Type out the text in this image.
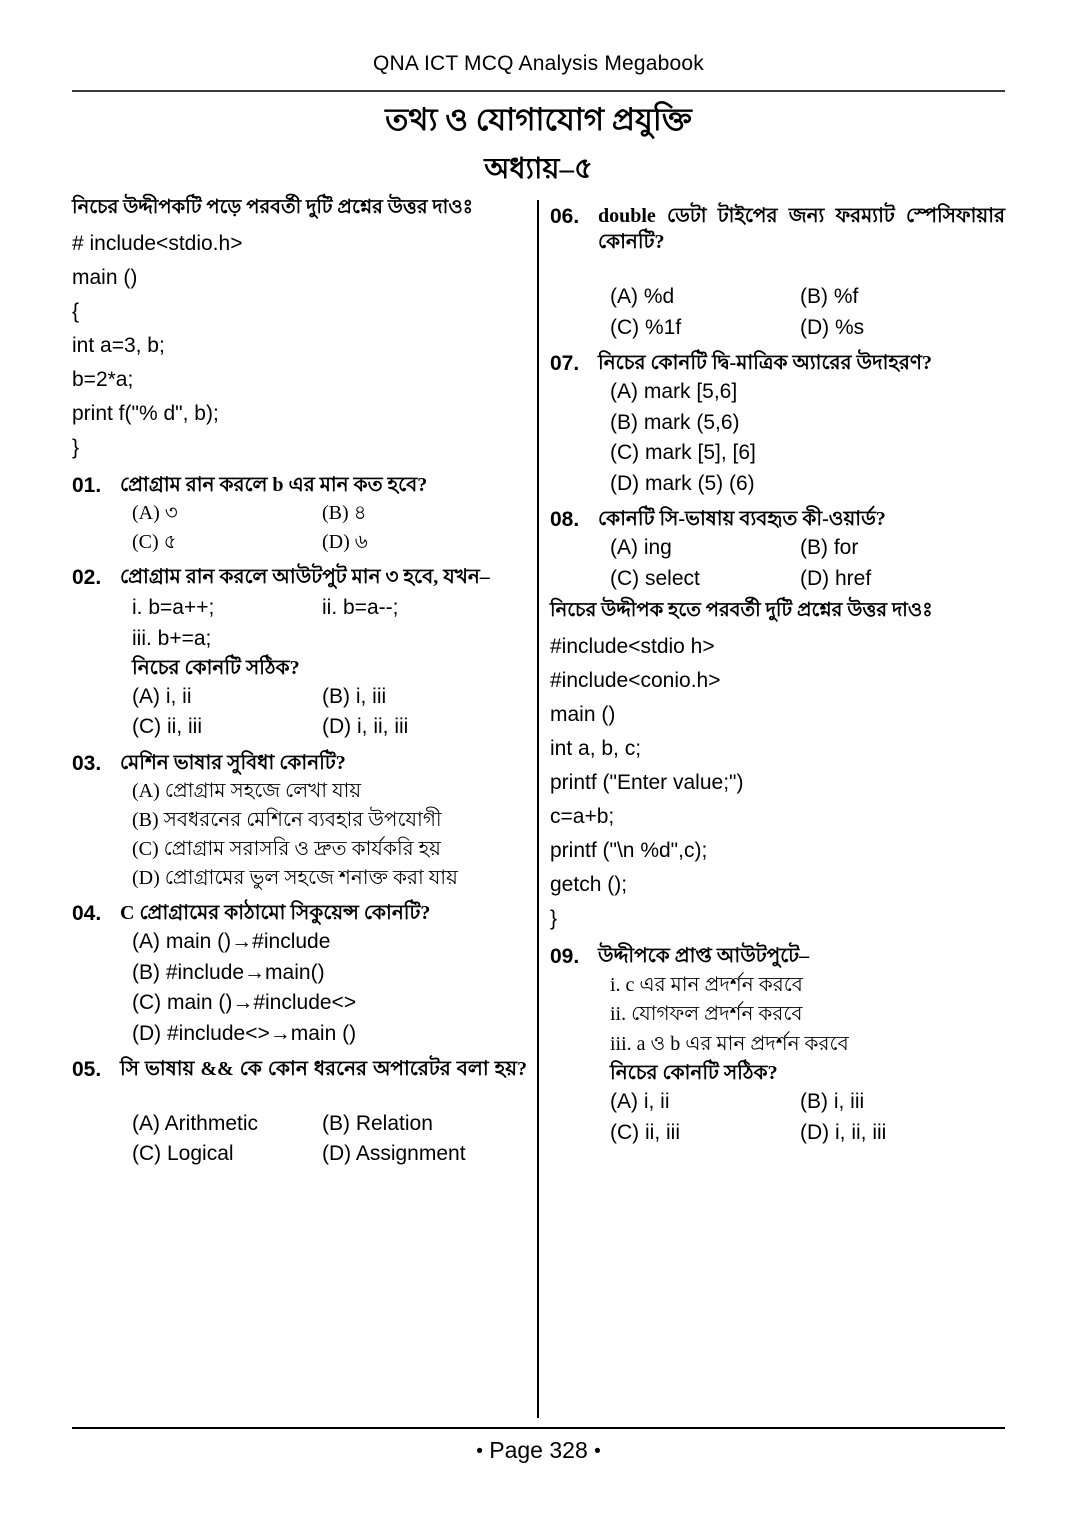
QNA ICT MCQ Analysis Megabook
তথ্য ও যোগাযোগ প্রযুক্তি
অধ্যায়–৫
নিচের উদ্দীপকটি পড়ে পরবর্তী দুটি প্রশ্নের উত্তর দাওঃ
# include<stdio.h>
main ()
{
int a=3, b;
b=2*a;
print f("% d", b);
}
01. প্রোগ্রাম রান করলে b এর মান কত হবে?
(A) ৩	(B) ৪
(C) ৫	(D) ৬
02. প্রোগ্রাম রান করলে আউটপুট মান ৩ হবে, যখন–
i. b=a++;	ii. b=a--;
iii. b+=a;
নিচের কোনটি সঠিক?
(A) i, ii	(B) i, iii
(C) ii, iii	(D) i, ii, iii
03. মেশিন ভাষার সুবিধা কোনটি?
(A) প্রোগ্রাম সহজে লেখা যায়
(B) সবধরনের মেশিনে ব্যবহার উপযোগী
(C) প্রোগ্রাম সরাসরি ও দ্রুত কার্যকরি হয়
(D) প্রোগ্রামের ভুল সহজে শনাক্ত করা যায়
04. C প্রোগ্রামের কাঠামো সিকুয়েন্স কোনটি?
(A) main ()→#include
(B) #include→main()
(C) main ()→#include<>
(D) #include<>→main ()
05. সি ভাষায় && কে কোন ধরনের অপারেটর বলা হয়?
(A) Arithmetic	(B) Relation
(C) Logical	(D) Assignment
06. double ডেটা টাইপের জন্য ফরম্যাট স্পেসিফায়ার কোনটি?
(A) %d	(B) %f
(C) %1f	(D) %s
07. নিচের কোনটি দ্বি-মাত্রিক অ্যারের উদাহরণ?
(A) mark [5,6]
(B) mark (5,6)
(C) mark [5], [6]
(D) mark (5) (6)
08. কোনটি সি-ভাষায় ব্যবহৃত কী-ওয়ার্ড?
(A) ing	(B) for
(C) select	(D) href
নিচের উদ্দীপক হতে পরবর্তী দুটি প্রশ্নের উত্তর দাওঃ
#include<stdio h>
#include<conio.h>
main ()
int a, b, c;
printf ("Enter value;")
c=a+b;
printf ("\n %d",c);
getch ();
}
09. উদ্দীপকে প্রাপ্ত আউটপুটে–
i. c এর মান প্রদর্শন করবে
ii. যোগফল প্রদর্শন করবে
iii. a ও b এর মান প্রদর্শন করবে
নিচের কোনটি সঠিক?
(A) i, ii	(B) i, iii
(C) ii, iii	(D) i, ii, iii
• Page 328 •
